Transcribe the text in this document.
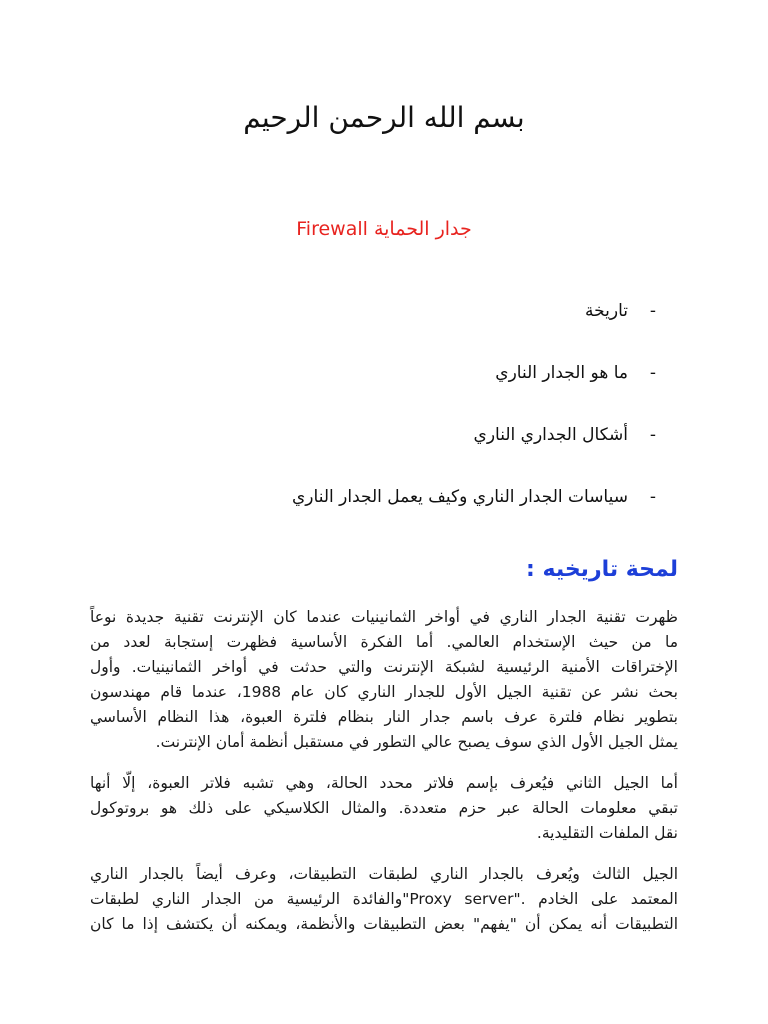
بسم الله الرحمن الرحيم
جدار الحماية Firewall
-
تاريخة
-
ما هو الجدار الناري
-
أشكال الجداري الناري
-
سياسات الجدار الناري وكيف يعمل الجدار الناري
لمحة تاريخيه :
ظهرت تقنية الجدار الناري في أواخر الثمانينيات عندما كان الإنترنت تقنية جديدة نوعاً
ما من حيث الإستخدام العالمي. أما الفكرة الأساسية فظهرت إستجابة لعدد من
الإختراقات الأمنية الرئيسية لشبكة الإنترنت والتي حدثت في أواخر الثمانينيات. وأول
بحث نشر عن تقنية الجيل الأول للجدار الناري كان عام 1988، عندما قام مهندسون
بتطوير نظام فلترة عرف باسم جدار النار بنظام فلترة العبوة، هذا النظام الأساسي
يمثل الجيل الأول الذي سوف يصبح عالي التطور في مستقبل أنظمة أمان الإنترنت.
أما الجيل الثاني فيُعرف بإسم فلاتر محدد الحالة، وهي تشبه فلاتر العبوة، إلّا أنها
تبقي معلومات الحالة عبر حزم متعددة. والمثال الكلاسيكي على ذلك هو بروتوكول
نقل الملفات التقليدية.
الجيل الثالث ويُعرف بالجدار الناري لطبقات التطبيقات، وعرف أيضاً بالجدار الناري
المعتمد على الخادم ."Proxy server"والفائدة الرئيسية من الجدار الناري لطبقات
التطبيقات أنه يمكن أن "يفهم" بعض التطبيقات والأنظمة، ويمكنه أن يكتشف إذا ما كان
